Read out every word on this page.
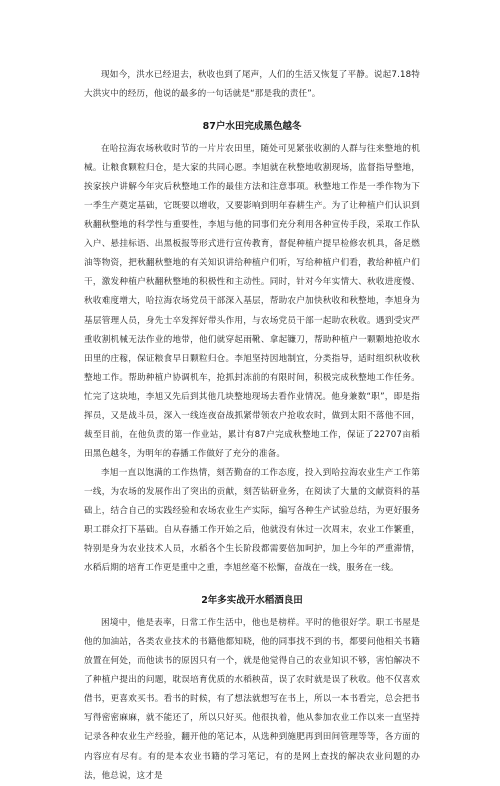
现如今，洪水已经退去，秋收也到了尾声，人们的生活又恢复了平静。说起7.18特大洪灾中的经历，他说的最多的一句话就是“那是我的责任”。

87户水田完成黑色越冬

在哈拉海农场秋收时节的一片片农田里，随处可见紧张收割的人群与往来整地的机械。让粮食颗粒归仓，是大家的共同心愿。李旭就在秋整地收割现场，监督指导整地，挨家挨户讲解今年灾后秋整地工作的最佳方法和注意事项。秋整地工作是一季作物为下一季生产奠定基础，它既要以增收，又要影响到明年春耕生产。为了让种植户们认识到秋翻秋整地的科学性与重要性，李旭与他的同事们充分利用各种宣传手段，采取工作队入户、悬挂标语、出黑板报等形式进行宣传教育，督促种植户提早检修农机具，备足燃油等物资，把秋翻秋整地的有关知识讲给种植户们听，写给种植户们看，教给种植户们干，激发种植户秋翻秋整地的积极性和主动性。同时，针对今年实情大、秋收进度慢、秋收难度增大，哈拉海农场党员干部深入基层，帮助农户加快秋收和秋整地，李旭身为基层管理人员，身先士卒发挥好带头作用，与农场党员干部一起助农秋收。遇到受灾严重收割机械无法作业的地带，他们就穿起雨靴、拿起镰刀，帮助种植户一颗颗地抢收水田里的庄稼，保证粮食早日颗粒归仓。李旭坚持因地制宜，分类指导，适时组织秋收秋整地工作。帮助种植户协调机车，抢抓封冻前的有限时间，积极完成秋整地工作任务。忙完了这块地，李旭又先后到其他几块整地现场去看作业情况。他身兼数“职”，即是指挥员，又是战斗员，深入一线连夜奋战抓紧带领农户抢收农时，做到太阳不落他不回，裁至目前，在他负责的第一作业站，累计有87户完成秋整地工作，保证了22707亩稻田黑色越冬，为明年的春播工作做好了充分的准备。

李旭一直以饱满的工作热情，刻苦勤奋的工作态度，投入到哈拉海农业生产工作第一线，为农场的发展作出了突出的贡献，刻苦钻研业务，在阅读了大量的文献资料的基础上，结合自己的实践经验和农场农业生产实际，编写各种生产试验总结，为更好服务职工群众打下基础。自从春播工作开始之后，他就没有休过一次周末，农业工作繁重，特别是身为农业技术人员，水稻各个生长阶段都需要倍加呵护，加上今年的严重滞情，水稻后期的培育工作更是重中之重，李旭丝毫不松懈，奋战在一线，服务在一线。

2年多实战开水稻酒良田

困境中，他是表率，日常工作生活中，他也是榜样。平时的他很好学。职工书屋是他的加油站，各类农业技术的书籍他都知晓，他的同事找不到的书，都要问他相关书籍放置在何处，而他读书的原因只有一个，就是他觉得自己的农业知识不够，害怕解决不了种植户提出的问题，耽误培育优质的水稻秧苗，误了农时就是误了秋收。他不仅喜欢借书，更喜欢买书。看书的时候，有了想法就想写在书上，所以一本书看完，总会把书写得密密麻麻，就不能还了，所以只好买。他很执着，他从参加农业工作以来一直坚持记录各种农业生产经验，翻开他的笔记本，从选种到施肥再到田间管理等等，各方面的内容应有尽有。有的是本农业书籍的学习笔记，有的是网上查找的解决农业问题的办法，他总说，这才是
